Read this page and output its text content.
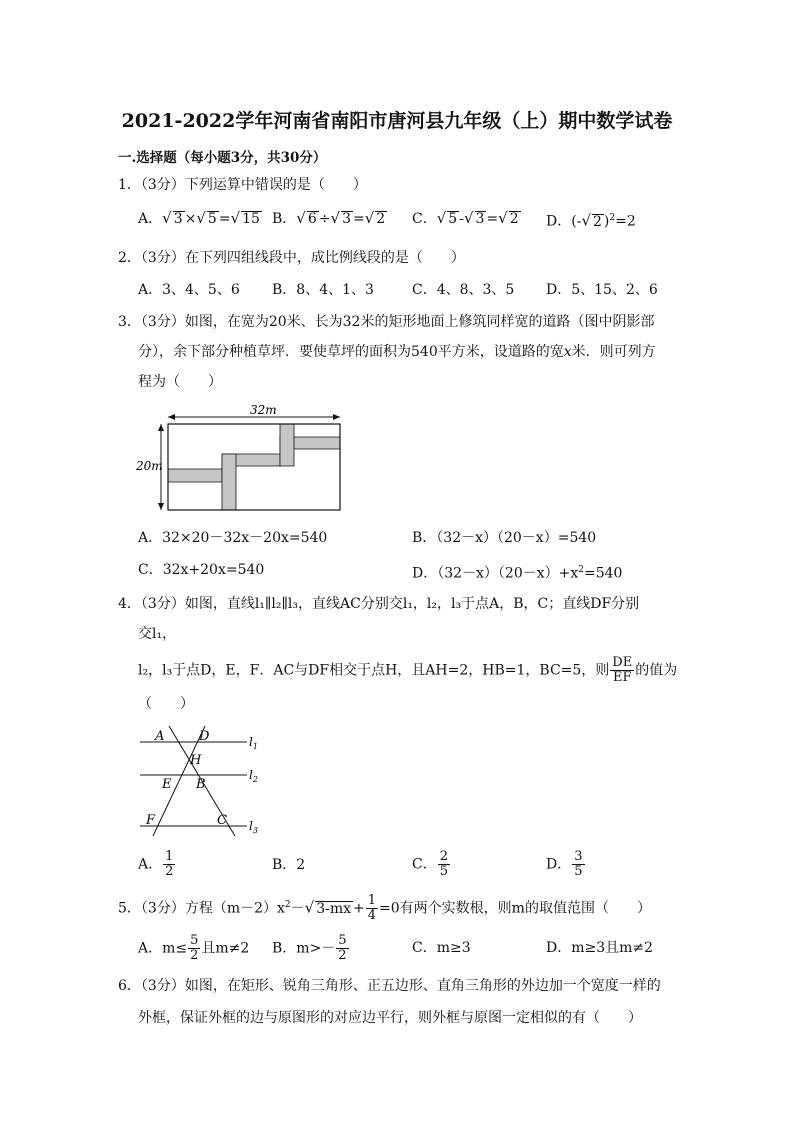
2021-2022学年河南省南阳市唐河县九年级（上）期中数学试卷
一.选择题（每小题3分，共30分）
1．（3分）下列运算中错误的是（　　）
A．√ 3 ×√ 5 =√ 15 B．√ 6 ÷√ 3 =√ 2 C．√ 5 -√ 3 =√ 2 D．(-√ 2 )$^2$=2
2．（3分）在下列四组线段中，成比例线段的是（　　）
A．3、4、5、6 B．8、4、1、3	C．4、8、3、5 D．5、15、2、6
3．（3分）如图，在宽为20米、长为32米的矩形地面上修筑同样宽的道路（图中阴影部
分），余下部分种植草坪．要使草坪的面积为540平方米，设道路的宽x米．则可列方
程为（　　）
32m
20m
A．32×20－32x－20x=540	B．（32－x）（20－x）=540
C．32x+20x=540	D．$(32-x)(20-x)+x^2=540$
4．（3分）如图，直线l₁∥l₂∥l₃，直线AC分别交l₁，l₂，l₃于点A，B，C；直线DF分别
交l₁，
l₂，l₃于点D，E，F．AC与DF相交于点H，且AH=2，HB=1，BC=5，则 $\frac{DE}{EF}$ 的值为
（　　）
A	D
H
E B
F	C
$l_1$
$l_2$
$l_3$
A． $\frac{1}{2}$	B．2	C． $\frac{2}{5}$	D． $\frac{3}{5}$
5．（3分）方程$(m-2)x^2-√$ $3-mx + \frac{1}{4} =0$有两个实数根，则m的取值范围（　　）
A．$m\le \frac{5}{2}$ 且m≠2 B．$m>- \frac{5}{2}$	C．m≥3	D．m≥3且m≠2
6．（3分）如图，在矩形、锐角三角形、正五边形、直角三角形的外边加一个宽度一样的
外框，保证外框的边与原图形的对应边平行，则外框与原图一定相似的有（　　）
